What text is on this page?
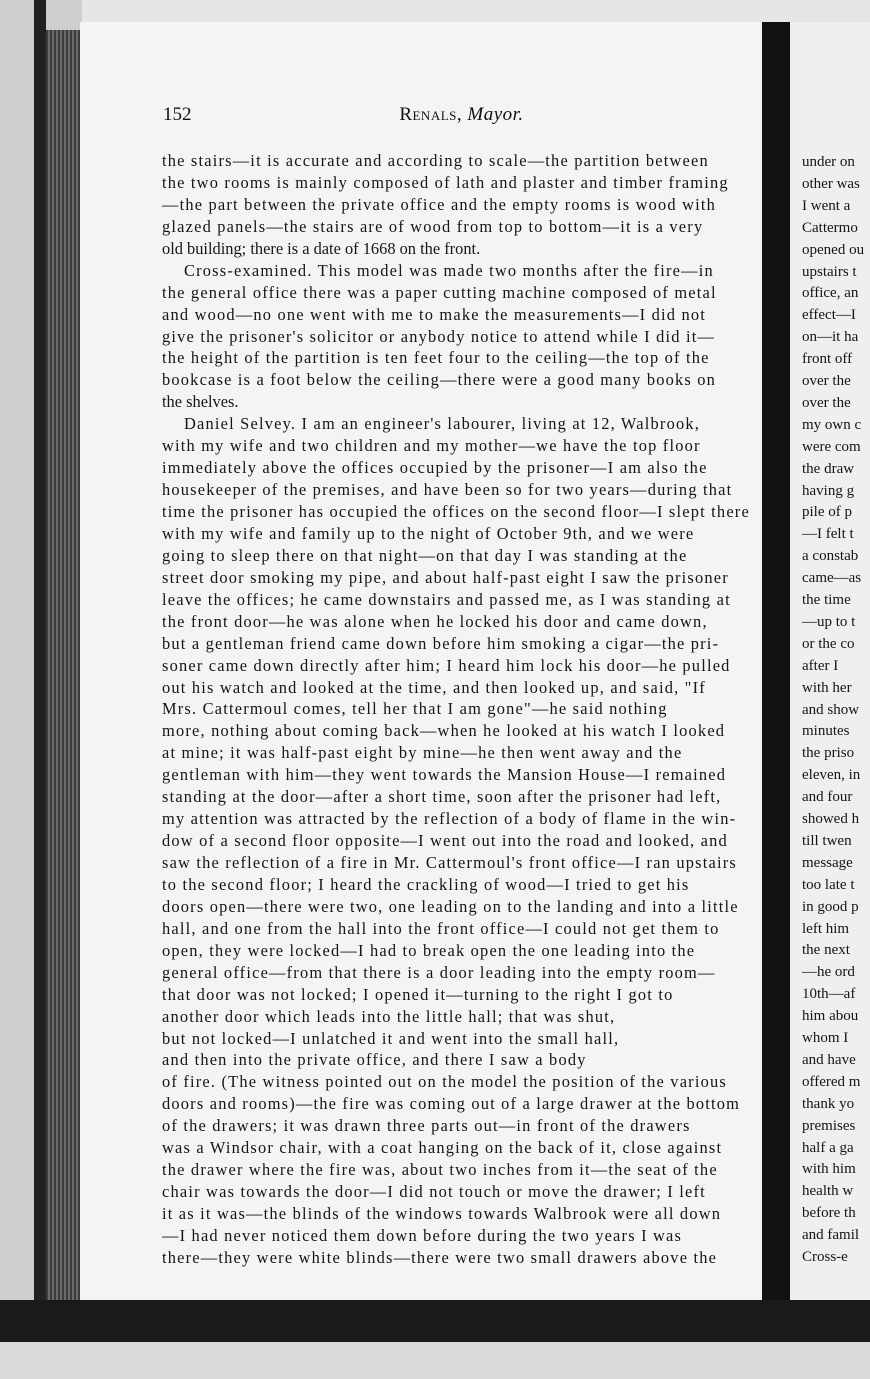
under on
other was
I went a
Cattermo
opened ou
upstairs t
office, an
effect—I
on—it ha
front off
over the
over the
my own c
were com
the draw
having g
pile of p
—I felt t
a constab
came—as
the time
—up to t
or the co
after I
with her
and show
minutes
the priso
eleven, in
and four
showed h
till twen
message
too late t
in good p
left him
the next
—he ord
10th—af
him abou
whom I
and have
offered m
thank yo
premises
half a ga
with him
health w
before th
and famil
Cross-e
152	Renals, Mayor.
the stairs—it is accurate and according to scale—the partition between
the two rooms is mainly composed of lath and plaster and timber framing
—the part between the private office and the empty rooms is wood with
glazed panels—the stairs are of wood from top to bottom—it is a very
old building; there is a date of 1668 on the front.
Cross-examined. This model was made two months after the fire—in
the general office there was a paper cutting machine composed of metal
and wood—no one went with me to make the measurements—I did not
give the prisoner's solicitor or anybody notice to attend while I did it—
the height of the partition is ten feet four to the ceiling—the top of the
bookcase is a foot below the ceiling—there were a good many books on
the shelves.
Daniel Selvey. I am an engineer's labourer, living at 12, Walbrook,
with my wife and two children and my mother—we have the top floor
immediately above the offices occupied by the prisoner—I am also the
housekeeper of the premises, and have been so for two years—during that
time the prisoner has occupied the offices on the second floor—I slept there
with my wife and family up to the night of October 9th, and we were
going to sleep there on that night—on that day I was standing at the
street door smoking my pipe, and about half-past eight I saw the prisoner
leave the offices; he came downstairs and passed me, as I was standing at
the front door—he was alone when he locked his door and came down,
but a gentleman friend came down before him smoking a cigar—the pri-
soner came down directly after him; I heard him lock his door—he pulled
out his watch and looked at the time, and then looked up, and said, "If
Mrs. Cattermoul comes, tell her that I am gone"—he said nothing
more, nothing about coming back—when he looked at his watch I looked
at mine; it was half-past eight by mine—he then went away and the
gentleman with him—they went towards the Mansion House—I remained
standing at the door—after a short time, soon after the prisoner had left,
my attention was attracted by the reflection of a body of flame in the win-
dow of a second floor opposite—I went out into the road and looked, and
saw the reflection of a fire in Mr. Cattermoul's front office—I ran upstairs
to the second floor; I heard the crackling of wood—I tried to get his
doors open—there were two, one leading on to the landing and into a little
hall, and one from the hall into the front office—I could not get them to
open, they were locked—I had to break open the one leading into the
general office—from that there is a door leading into the empty room—
that door was not locked; I opened it—turning to the right I got to
another door which leads into the little hall; that was shut,
but not locked—I unlatched it and went into the small hall,
and then into the private office, and there I saw a body
of fire. (The witness pointed out on the model the position of the various
doors and rooms)—the fire was coming out of a large drawer at the bottom
of the drawers; it was drawn three parts out—in front of the drawers
was a Windsor chair, with a coat hanging on the back of it, close against
the drawer where the fire was, about two inches from it—the seat of the
chair was towards the door—I did not touch or move the drawer; I left
it as it was—the blinds of the windows towards Walbrook were all down
—I had never noticed them down before during the two years I was
there—they were white blinds—there were two small drawers above the
